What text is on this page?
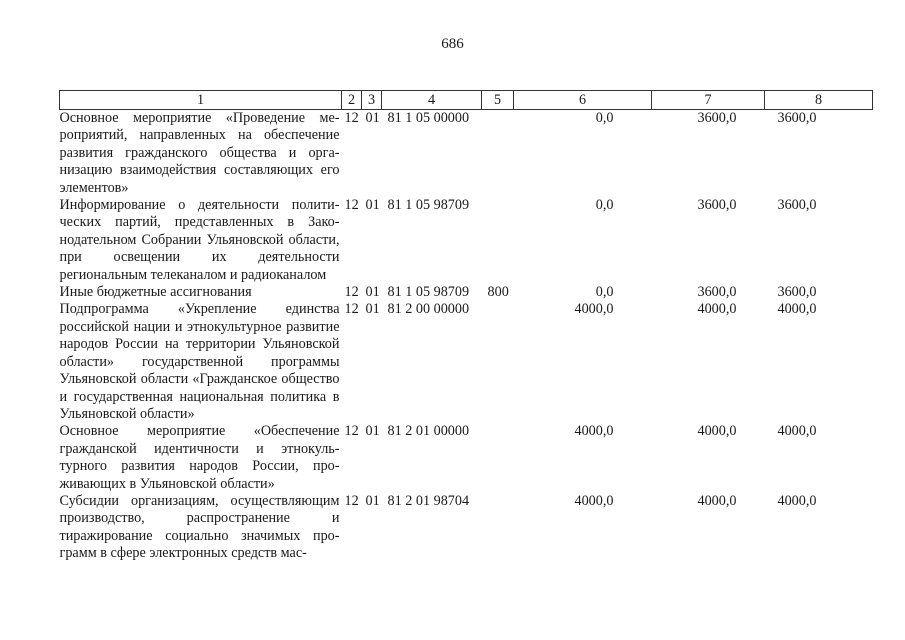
686
1	2	3	4	5	6	7	8
Основное мероприятие «Проведение мероприятий, направленных на обеспечение развития гражданского общества и организацию взаимодействия составляющих его элементов»	12	01	81 1 05 00000		0,0	3600,0	3600,0
Информирование о деятельности политических партий, представленных в Законодательном Собрании Ульяновской области, при освещении их деятельности региональным телеканалом и радиоканалом	12	01	81 1 05 98709		0,0	3600,0	3600,0
Иные бюджетные ассигнования	12	01	81 1 05 98709	800	0,0	3600,0	3600,0
Подпрограмма «Укрепление единства российской нации и этнокультурное развитие народов России на территории Ульяновской области» государственной программы Ульяновской области «Гражданское общество и государственная национальная политика в Ульяновской области»	12	01	81 2 00 00000		4000,0	4000,0	4000,0
Основное мероприятие «Обеспечение гражданской идентичности и этнокультурного развития народов России, проживающих в Ульяновской области»	12	01	81 2 01 00000		4000,0	4000,0	4000,0
Субсидии организациям, осуществляющим производство, распространение и тиражирование социально значимых программ в сфере электронных средств мас-	12	01	81 2 01 98704		4000,0	4000,0	4000,0
